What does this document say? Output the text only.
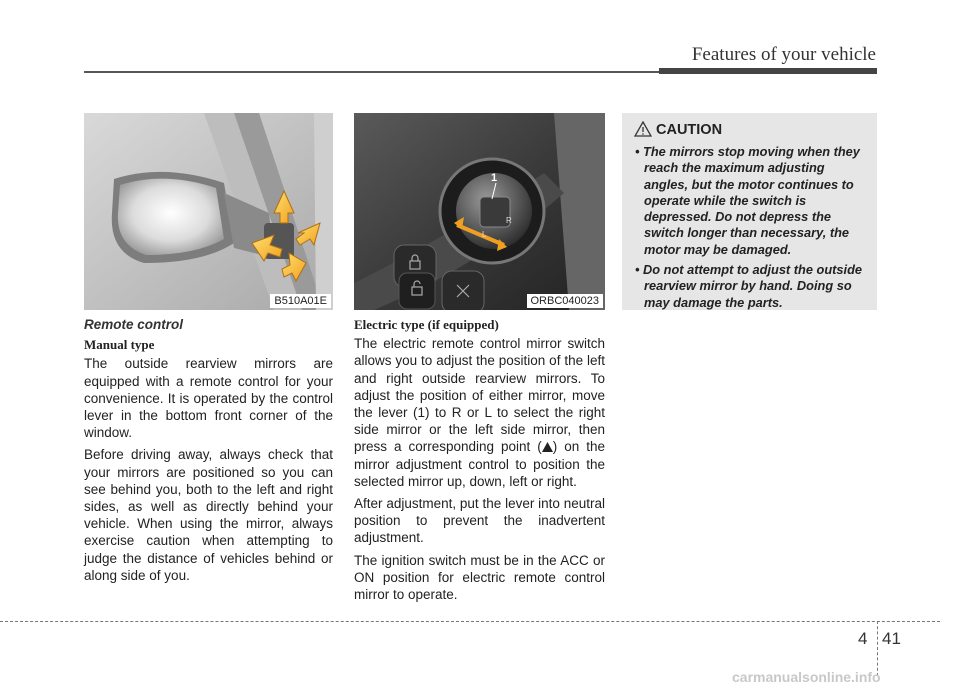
Features of your vehicle
B510A01E
L
R
1
ORBC040023
CAUTION
• The mirrors stop moving when they reach the maximum adjusting angles, but the motor continues to operate while the switch is depressed. Do not depress the switch longer than necessary, the motor may be damaged.
• Do not attempt to adjust the outside rearview mirror by hand. Doing so may damage the parts.
Remote control
Manual type

The outside rearview mirrors are equipped with a remote control for your convenience. It is operated by the control lever in the bottom front corner of the window.

Before driving away, always check that your mirrors are positioned so you can see behind you, both to the left and right sides, as well as directly behind your vehicle. When using the mirror, always exercise caution when attempting to judge the distance of vehicles behind or along side of you.

Electric type (if equipped)

The electric remote control mirror switch allows you to adjust the position of the left and right outside rearview mirrors. To adjust the position of either mirror, move the lever (1) to R or L to select the right side mirror or the left side mirror, then press a corresponding point ( ) on the mirror adjustment control to position the selected mirror up, down, left or right.

After adjustment, put the lever into neutral position to prevent the inadvertent adjustment.

The ignition switch must be in the ACC or ON position for electric remote control mirror to operate.

4 41
carmanualsonline.info
